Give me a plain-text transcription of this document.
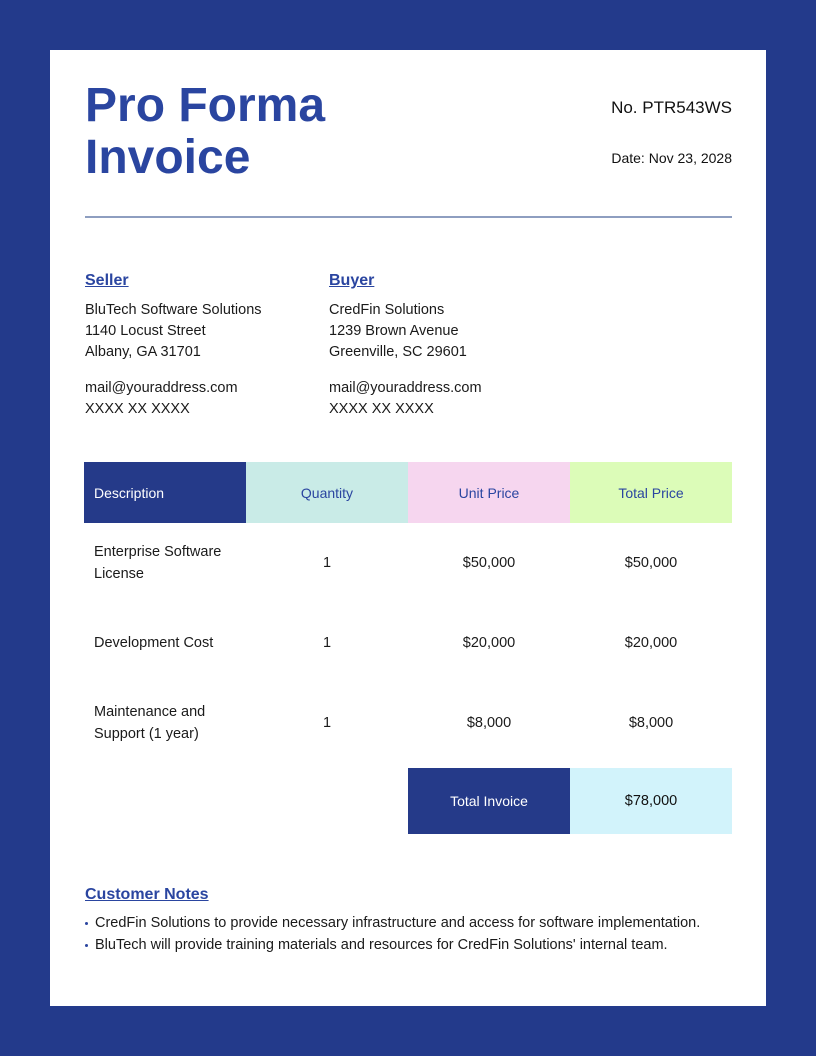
Pro Forma
Invoice
No. PTR543WS
Date: Nov 23, 2028
Seller
BluTech Software Solutions
1140 Locust Street
Albany, GA 31701
mail@youraddress.com
XXXX XX XXXX
Buyer
CredFin Solutions
1239 Brown Avenue
Greenville, SC 29601
mail@youraddress.com
XXXX XX XXXX
Description	Quantity	Unit Price	Total Price
Enterprise Software
License
1	$50,000	$50,000
Development Cost	1	$20,000	$20,000
Maintenance and
Support (1 year)
1	$8,000	$8,000
Total Invoice	$78,000
Customer Notes
CredFin Solutions to provide necessary infrastructure and access for software implementation.
BluTech will provide training materials and resources for CredFin Solutions' internal team.
